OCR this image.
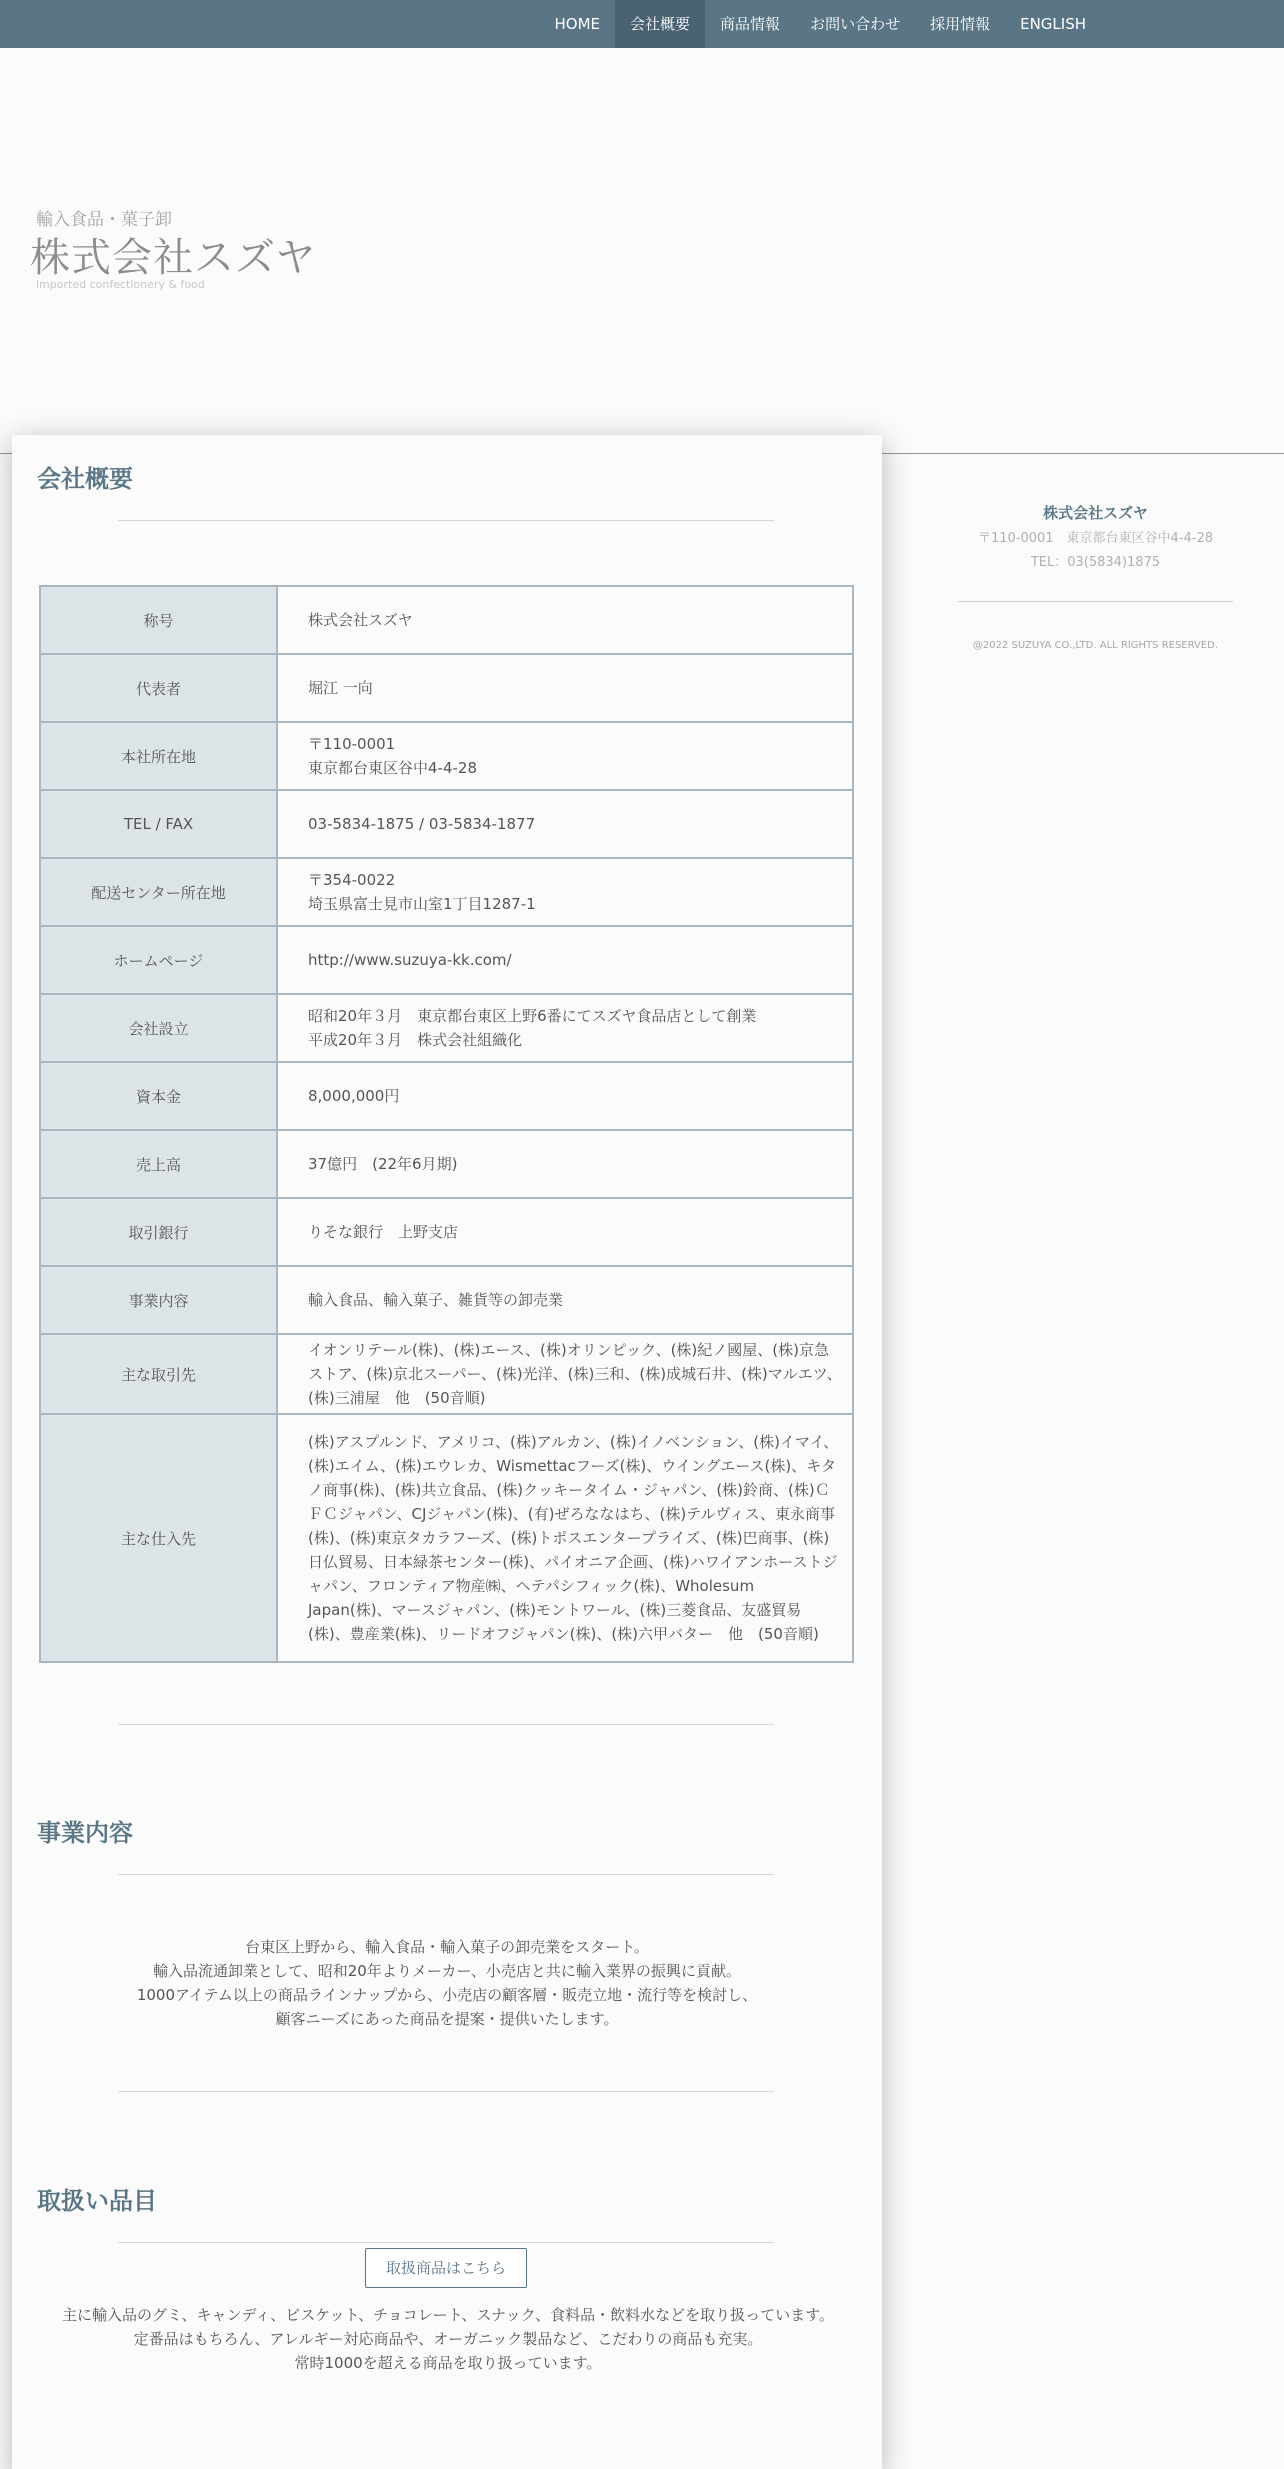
HOME	会社概要	商品情報	お問い合わせ	採用情報	ENGLISH
輸入食品・菓子卸
株式会社スズヤ
imported confectionery & food
株式会社スズヤ
〒110-0001　東京都台東区谷中4-4-28
TEL：03(5834)1875
@2022 SUZUYA CO.,LTD. ALL RIGHTS RESERVED.
会社概要
称号	株式会社スズヤ

代表者	堀江 一向

本社所在地	〒110-0001
東京都台東区谷中4-4-28

TEL / FAX	03-5834-1875 / 03-5834-1877

配送センター所在地	〒354-0022
埼玉県富士見市山室1丁目1287-1

ホームページ	http://www.suzuya-kk.com/

会社設立	昭和20年３月　東京都台東区上野6番にてスズヤ食品店として創業
平成20年３月　株式会社組織化

資本金	8,000,000円

売上高	37億円　(22年6月期)

取引銀行	りそな銀行　上野支店

事業内容	輸入食品、輸入菓子、雑貨等の卸売業

主な取引先	イオンリテール(株)、(株)エース、(株)オリンピック、(株)紀ノ國屋、(株)京急ストア、(株)京北スーパー、(株)光洋、(株)三和、(株)成城石井、(株)マルエツ、(株)三浦屋　他　(50音順)

主な仕入先	(株)アスプルンド、アメリコ、(株)アルカン、(株)イノベンション、(株)イマイ、(株)エイム、(株)エウレカ、Wismettacフーズ(株)、ウイングエース(株)、キタノ商事(株)、(株)共立食品、(株)クッキータイム・ジャパン、(株)鈴商、(株)ＣＦＣジャパン、CJジャパン(株)、(有)ぜろななはち、(株)テルヴィス、東永商事(株)、(株)東京タカラフーズ、(株)トポスエンタープライズ、(株)巴商事、(株)日仏貿易、日本緑茶センター(株)、パイオニア企画、(株)ハワイアンホーストジャパン、フロンティア物産㈱、ヘテパシフィック(株)、Wholesum Japan(株)、マースジャパン、(株)モントワール、(株)三菱食品、友盛貿易(株)、豊産業(株)、リードオフジャパン(株)、(株)六甲バター　他　(50音順)
事業内容
台東区上野から、輸入食品・輸入菓子の卸売業をスタート。
輸入品流通卸業として、昭和20年よりメーカー、小売店と共に輸入業界の振興に貢献。
1000アイテム以上の商品ラインナップから、小売店の顧客層・販売立地・流行等を検討し、
顧客ニーズにあった商品を提案・提供いたします。
取扱い品目
主に輸入品のグミ、キャンディ、ビスケット、チョコレート、スナック、食料品・飲料水などを取り扱っています。
定番品はもちろん、アレルギー対応商品や、オーガニック製品など、こだわりの商品も充実。
常時1000を超える商品を取り扱っています。
取扱商品はこちら
